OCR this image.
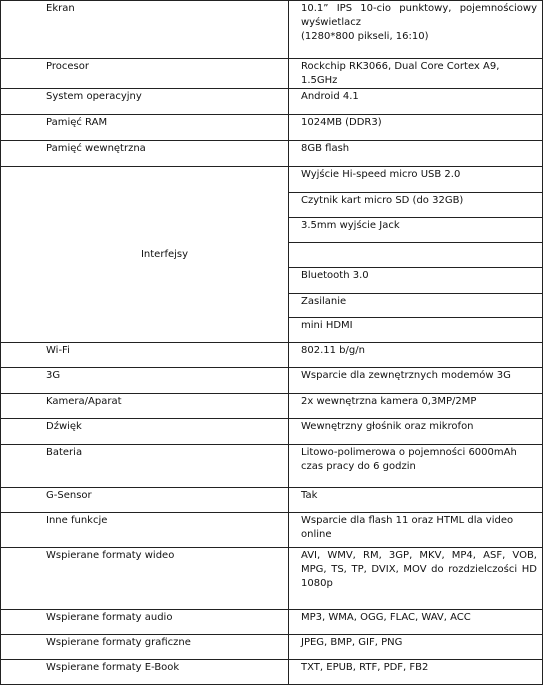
Ekran	10.1” IPS 10-cio punktowy, pojemnościowy wyświetlacz
(1280*800 pikseli, 16:10)

Procesor	Rockchip RK3066, Dual Core Cortex A9, 1.5GHz
System operacyjny	Android 4.1
Pamięć RAM	1024MB (DDR3)
Pamięć wewnętrzna	8GB flash
Interfejsy	Wyjście Hi-speed micro USB 2.0
	Czytnik kart micro SD (do 32GB)
	3.5mm wyjście Jack

	Bluetooth 3.0
	Zasilanie
	mini HDMI
Wi-Fi	802.11 b/g/n
3G	Wsparcie dla zewnętrznych modemów 3G
Kamera/Aparat	2x wewnętrzna kamera 0,3MP/2MP
Dźwięk	Wewnętrzny głośnik oraz mikrofon
Bateria	Litowo-polimerowa o pojemności 6000mAh czas pracy do 6 godzin
G-Sensor	Tak
Inne funkcje	Wsparcie dla flash 11 oraz HTML dla video online
Wspierane formaty wideo	AVI, WMV, RM, 3GP, MKV, MP4, ASF, VOB, MPG, TS, TP, DVIX, MOV do rozdzielczości HD 1080p
Wspierane formaty audio	MP3, WMA, OGG, FLAC, WAV, ACC
Wspierane formaty graficzne	JPEG, BMP, GIF, PNG
Wspierane formaty E-Book	TXT, EPUB, RTF, PDF, FB2
